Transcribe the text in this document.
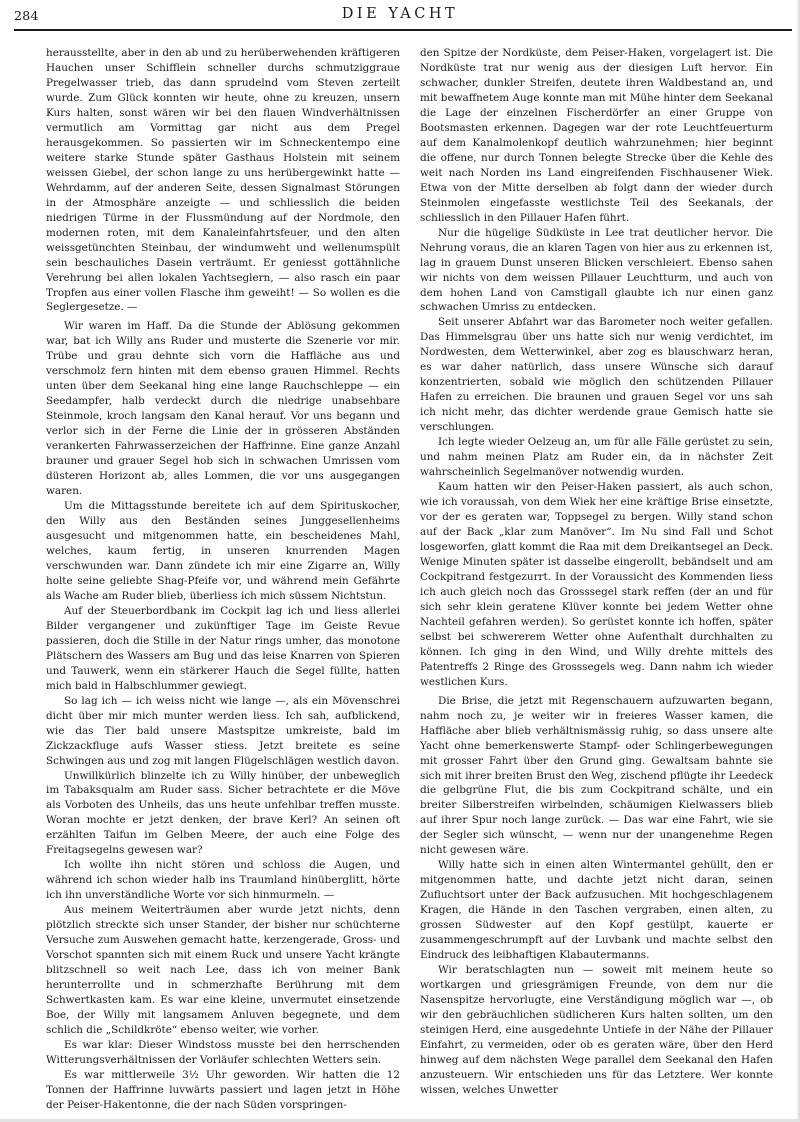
284	DIE YACHT

herausstellte, aber in den ab und zu herüberwehenden kräftigeren Hauchen unser Schifflein schneller durchs schmutziggraue Pregelwasser trieb, das dann sprudelnd vom Steven zerteilt wurde. Zum Glück konnten wir heute, ohne zu kreuzen, unsern Kurs halten, sonst wären wir bei den flauen Windverhältnissen vermutlich am Vormittag gar nicht aus dem Pregel herausgekommen. So passierten wir im Schneckentempo eine weitere starke Stunde später Gasthaus Holstein mit seinem weissen Giebel, der schon lange zu uns herübergewinkt hatte — Wehrdamm, auf der anderen Seite, dessen Signalmast Störungen in der Atmosphäre anzeigte — und schliesslich die beiden niedrigen Türme in der Flussmündung auf der Nordmole, den modernen roten, mit dem Kanaleinfahrtsfeuer, und den alten weissgetünchten Steinbau, der windumweht und wellenumspült sein beschauliches Dasein verträumt. Er geniesst gottähnliche Verehrung bei allen lokalen Yachtseglern, — also rasch ein paar Tropfen aus einer vollen Flasche ihm geweiht! — So wollen es die Seglergesetze. —

Wir waren im Haff. Da die Stunde der Ablösung gekommen war, bat ich Willy ans Ruder und musterte die Szenerie vor mir. Trübe und grau dehnte sich vorn die Haffläche aus und verschmolz fern hinten mit dem ebenso grauen Himmel. Rechts unten über dem Seekanal hing eine lange Rauchschleppe — ein Seedampfer, halb verdeckt durch die niedrige unabsehbare Steinmole, kroch langsam den Kanal herauf. Vor uns begann und verlor sich in der Ferne die Linie der in grösseren Abständen verankerten Fahrwasserzeichen der Haffrinne. Eine ganze Anzahl brauner und grauer Segel hob sich in schwachen Umrissen vom düsteren Horizont ab, alles Lommen, die vor uns ausgegangen waren.

Um die Mittagsstunde bereitete ich auf dem Spirituskocher, den Willy aus den Beständen seines Junggesellenheims ausgesucht und mitgenommen hatte, ein bescheidenes Mahl, welches, kaum fertig, in unseren knurrenden Magen verschwunden war. Dann zündete ich mir eine Zigarre an, Willy holte seine geliebte Shag-Pfeife vor, und während mein Gefährte als Wache am Ruder blieb, überliess ich mich süssem Nichtstun.

Auf der Steuerbordbank im Cockpit lag ich und liess allerlei Bilder vergangener und zukünftiger Tage im Geiste Revue passieren, doch die Stille in der Natur rings umher, das monotone Plätschern des Wassers am Bug und das leise Knarren von Spieren und Tauwerk, wenn ein stärkerer Hauch die Segel füllte, hatten mich bald in Halbschlummer gewiegt.

So lag ich — ich weiss nicht wie lange —, als ein Mövenschrei dicht über mir mich munter werden liess. Ich sah, aufblickend, wie das Tier bald unsere Mastspitze umkreiste, bald im Zickzackfluge aufs Wasser stiess. Jetzt breitete es seine Schwingen aus und zog mit langen Flügelschlägen westlich davon.

Unwillkürlich blinzelte ich zu Willy hinüber, der unbeweglich im Tabaksqualm am Ruder sass. Sicher betrachtete er die Möve als Vorboten des Unheils, das uns heute unfehlbar treffen musste. Woran mochte er jetzt denken, der brave Kerl? An seinen oft erzählten Taifun im Gelben Meere, der auch eine Folge des Freitagsegelns gewesen war?

Ich wollte ihn nicht stören und schloss die Augen, und während ich schon wieder halb ins Traumland hinüberglitt, hörte ich ihn unverständliche Worte vor sich hinmurmeln. —

Aus meinem Weiterträumen aber wurde jetzt nichts, denn plötzlich streckte sich unser Stander, der bisher nur schüchterne Versuche zum Auswehen gemacht hatte, kerzengerade, Gross- und Vorschot spannten sich mit einem Ruck und unsere Yacht krängte blitzschnell so weit nach Lee, dass ich von meiner Bank herunterrollte und in schmerzhafte Berührung mit dem Schwertkasten kam. Es war eine kleine, unvermutet einsetzende Boe, der Willy mit langsamem Anluven begegnete, und dem schlich die „Schildkröte“ ebenso weiter, wie vorher.

Es war klar: Dieser Windstoss musste bei den herrschenden Witterungsverhältnissen der Vorläufer schlechten Wetters sein.

Es war mittlerweile 3½ Uhr geworden. Wir hatten die 12 Tonnen der Haffrinne luvwärts passiert und lagen jetzt in Höhe der Peiser-Hakentonne, die der nach Süden vorspringen-

den Spitze der Nordküste, dem Peiser-Haken, vorgelagert ist. Die Nordküste trat nur wenig aus der diesigen Luft hervor. Ein schwacher, dunkler Streifen, deutete ihren Waldbestand an, und mit bewaffnetem Auge konnte man mit Mühe hinter dem Seekanal die Lage der einzelnen Fischerdörfer an einer Gruppe von Bootsmasten erkennen. Dagegen war der rote Leuchtfeuerturm auf dem Kanalmolenkopf deutlich wahrzunehmen; hier beginnt die offene, nur durch Tonnen belegte Strecke über die Kehle des weit nach Norden ins Land eingreifenden Fischhausener Wiek. Etwa von der Mitte derselben ab folgt dann der wieder durch Steinmolen eingefasste westlichste Teil des Seekanals, der schliesslich in den Pillauer Hafen führt.

Nur die hügelige Südküste in Lee trat deutlicher hervor. Die Nehrung voraus, die an klaren Tagen von hier aus zu erkennen ist, lag in grauem Dunst unseren Blicken verschleiert. Ebenso sahen wir nichts von dem weissen Pillauer Leuchtturm, und auch von dem hohen Land von Camstigall glaubte ich nur einen ganz schwachen Umriss zu entdecken.

Seit unserer Abfahrt war das Barometer noch weiter gefallen. Das Himmelsgrau über uns hatte sich nur wenig verdichtet, im Nordwesten, dem Wetterwinkel, aber zog es blauschwarz heran, es war daher natürlich, dass unsere Wünsche sich darauf konzentrierten, sobald wie möglich den schützenden Pillauer Hafen zu erreichen. Die braunen und grauen Segel vor uns sah ich nicht mehr, das dichter werdende graue Gemisch hatte sie verschlungen.

Ich legte wieder Oelzeug an, um für alle Fälle gerüstet zu sein, und nahm meinen Platz am Ruder ein, da in nächster Zeit wahrscheinlich Segelmanöver notwendig wurden.

Kaum hatten wir den Peiser-Haken passiert, als auch schon, wie ich voraussah, von dem Wiek her eine kräftige Brise einsetzte, vor der es geraten war, Toppsegel zu bergen. Willy stand schon auf der Back „klar zum Manöver“. Im Nu sind Fall und Schot losgeworfen, glatt kommt die Raa mit dem Dreikantsegel an Deck. Wenige Minuten später ist dasselbe eingerollt, bebändselt und am Cockpitrand festgezurrt. In der Voraussicht des Kommenden liess ich auch gleich noch das Grosssegel stark reffen (der an und für sich sehr klein geratene Klüver konnte bei jedem Wetter ohne Nachteil gefahren werden). So gerüstet konnte ich hoffen, später selbst bei schwererem Wetter ohne Aufenthalt durchhalten zu können. Ich ging in den Wind, und Willy drehte mittels des Patentreffs 2 Ringe des Grosssegels weg. Dann nahm ich wieder westlichen Kurs.

Die Brise, die jetzt mit Regenschauern aufzuwarten begann, nahm noch zu, je weiter wir in freieres Wasser kamen, die Haffläche aber blieb verhältnismässig ruhig, so dass unsere alte Yacht ohne bemerkenswerte Stampf- oder Schlingerbewegungen mit grosser Fahrt über den Grund ging. Gewaltsam bahnte sie sich mit ihrer breiten Brust den Weg, zischend pflügte ihr Leedeck die gelbgrüne Flut, die bis zum Cockpitrand schälte, und ein breiter Silberstreifen wirbelnden, schäumigen Kielwassers blieb auf ihrer Spur noch lange zurück. — Das war eine Fahrt, wie sie der Segler sich wünscht, — wenn nur der unangenehme Regen nicht gewesen wäre.

Willy hatte sich in einen alten Wintermantel gehüllt, den er mitgenommen hatte, und dachte jetzt nicht daran, seinen Zufluchtsort unter der Back aufzusuchen. Mit hochgeschlagenem Kragen, die Hände in den Taschen vergraben, einen alten, zu grossen Südwester auf den Kopf gestülpt, kauerte er zusammengeschrumpft auf der Luvbank und machte selbst den Eindruck des leibhaftigen Klabautermanns.

Wir beratschlagten nun — soweit mit meinem heute so wortkargen und griesgrämigen Freunde, von dem nur die Nasenspitze hervorlugte, eine Verständigung möglich war —, ob wir den gebräuchlichen südlicheren Kurs halten sollten, um den steinigen Herd, eine ausgedehnte Untiefe in der Nähe der Pillauer Einfahrt, zu vermeiden, oder ob es geraten wäre, über den Herd hinweg auf dem nächsten Wege parallel dem Seekanal den Hafen anzusteuern. Wir entschieden uns für das Letztere. Wer konnte wissen, welches Unwetter
